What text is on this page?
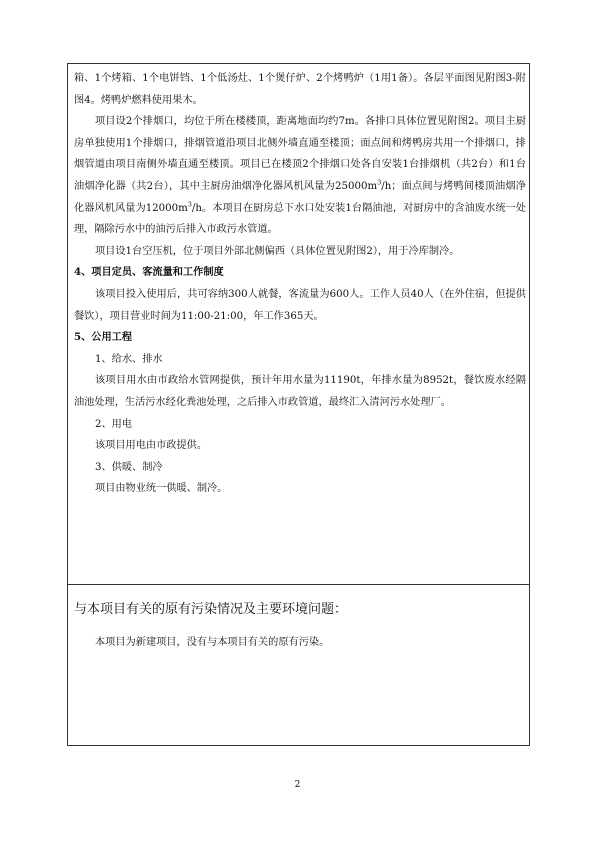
箱、1个烤箱、1个电饼铛、1个低汤灶、1个煲仔炉、2个烤鸭炉（1用1备）。各层平面图见附图3-附图4。烤鸭炉燃料使用果木。

项目设2个排烟口，均位于所在楼楼顶，距离地面均约7m。各排口具体位置见附图2。项目主厨房单独使用1个排烟口，排烟管道沿项目北侧外墙直通至楼顶；面点间和烤鸭房共用一个排烟口，排烟管道由项目南侧外墙直通至楼顶。项目已在楼顶2个排烟口处各自安装1台排烟机（共2台）和1台油烟净化器（共2台），其中主厨房油烟净化器风机风量为$25000m^3/h$；面点间与烤鸭间楼顶油烟净化器风机风量为$12000m^3/h$。本项目在厨房总下水口处安装1台隔油池，对厨房中的含油废水统一处理，隔除污水中的油污后排入市政污水管道。

项目设1台空压机，位于项目外部北侧偏西（具体位置见附图2），用于冷库制冷。

4、项目定员、客流量和工作制度

该项目投入使用后，共可容纳300人就餐，客流量为600人。工作人员40人（在外住宿，但提供餐饮），项目营业时间为11:00-21:00，年工作365天。

5、公用工程

1、给水、排水

该项目用水由市政给水管网提供，预计年用水量为11190t，年排水量为8952t，餐饮废水经隔油池处理，生活污水经化粪池处理，之后排入市政管道，最终汇入清河污水处理厂。

2、用电

该项目用电由市政提供。

3、供暖、制冷

项目由物业统一供暖、制冷。

与本项目有关的原有污染情况及主要环境问题：
本项目为新建项目，没有与本项目有关的原有污染。
2
